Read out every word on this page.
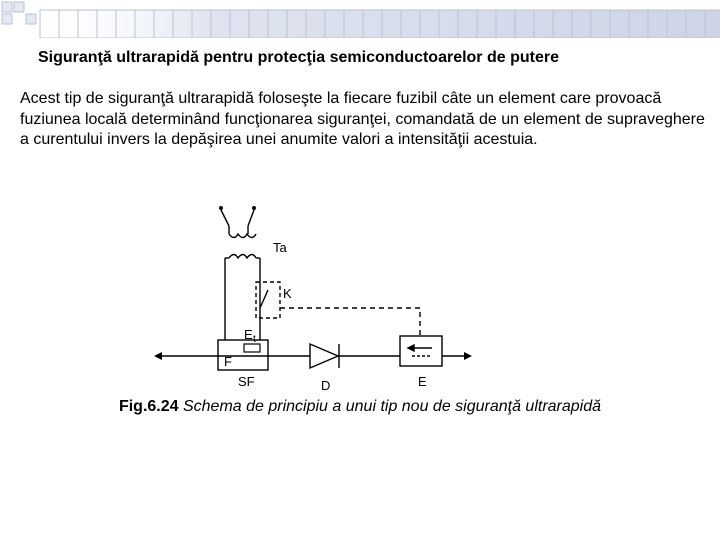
Siguranţă ultrarapidă pentru protecţia semiconductoarelor de putere

Acest tip de siguranţă ultrarapidă foloseşte la fiecare fuzibil câte un element care provoacă fuziunea locală determinând funcţionarea siguranţei, comandată de un element de supraveghere a curentului invers la depăşirea unei anumite valori a intensităţii acestuia.

Ta
K
E t
F
SF	D	E

Fig.6.24 Schema de principiu a unui tip nou de siguranţă ultrarapidă
